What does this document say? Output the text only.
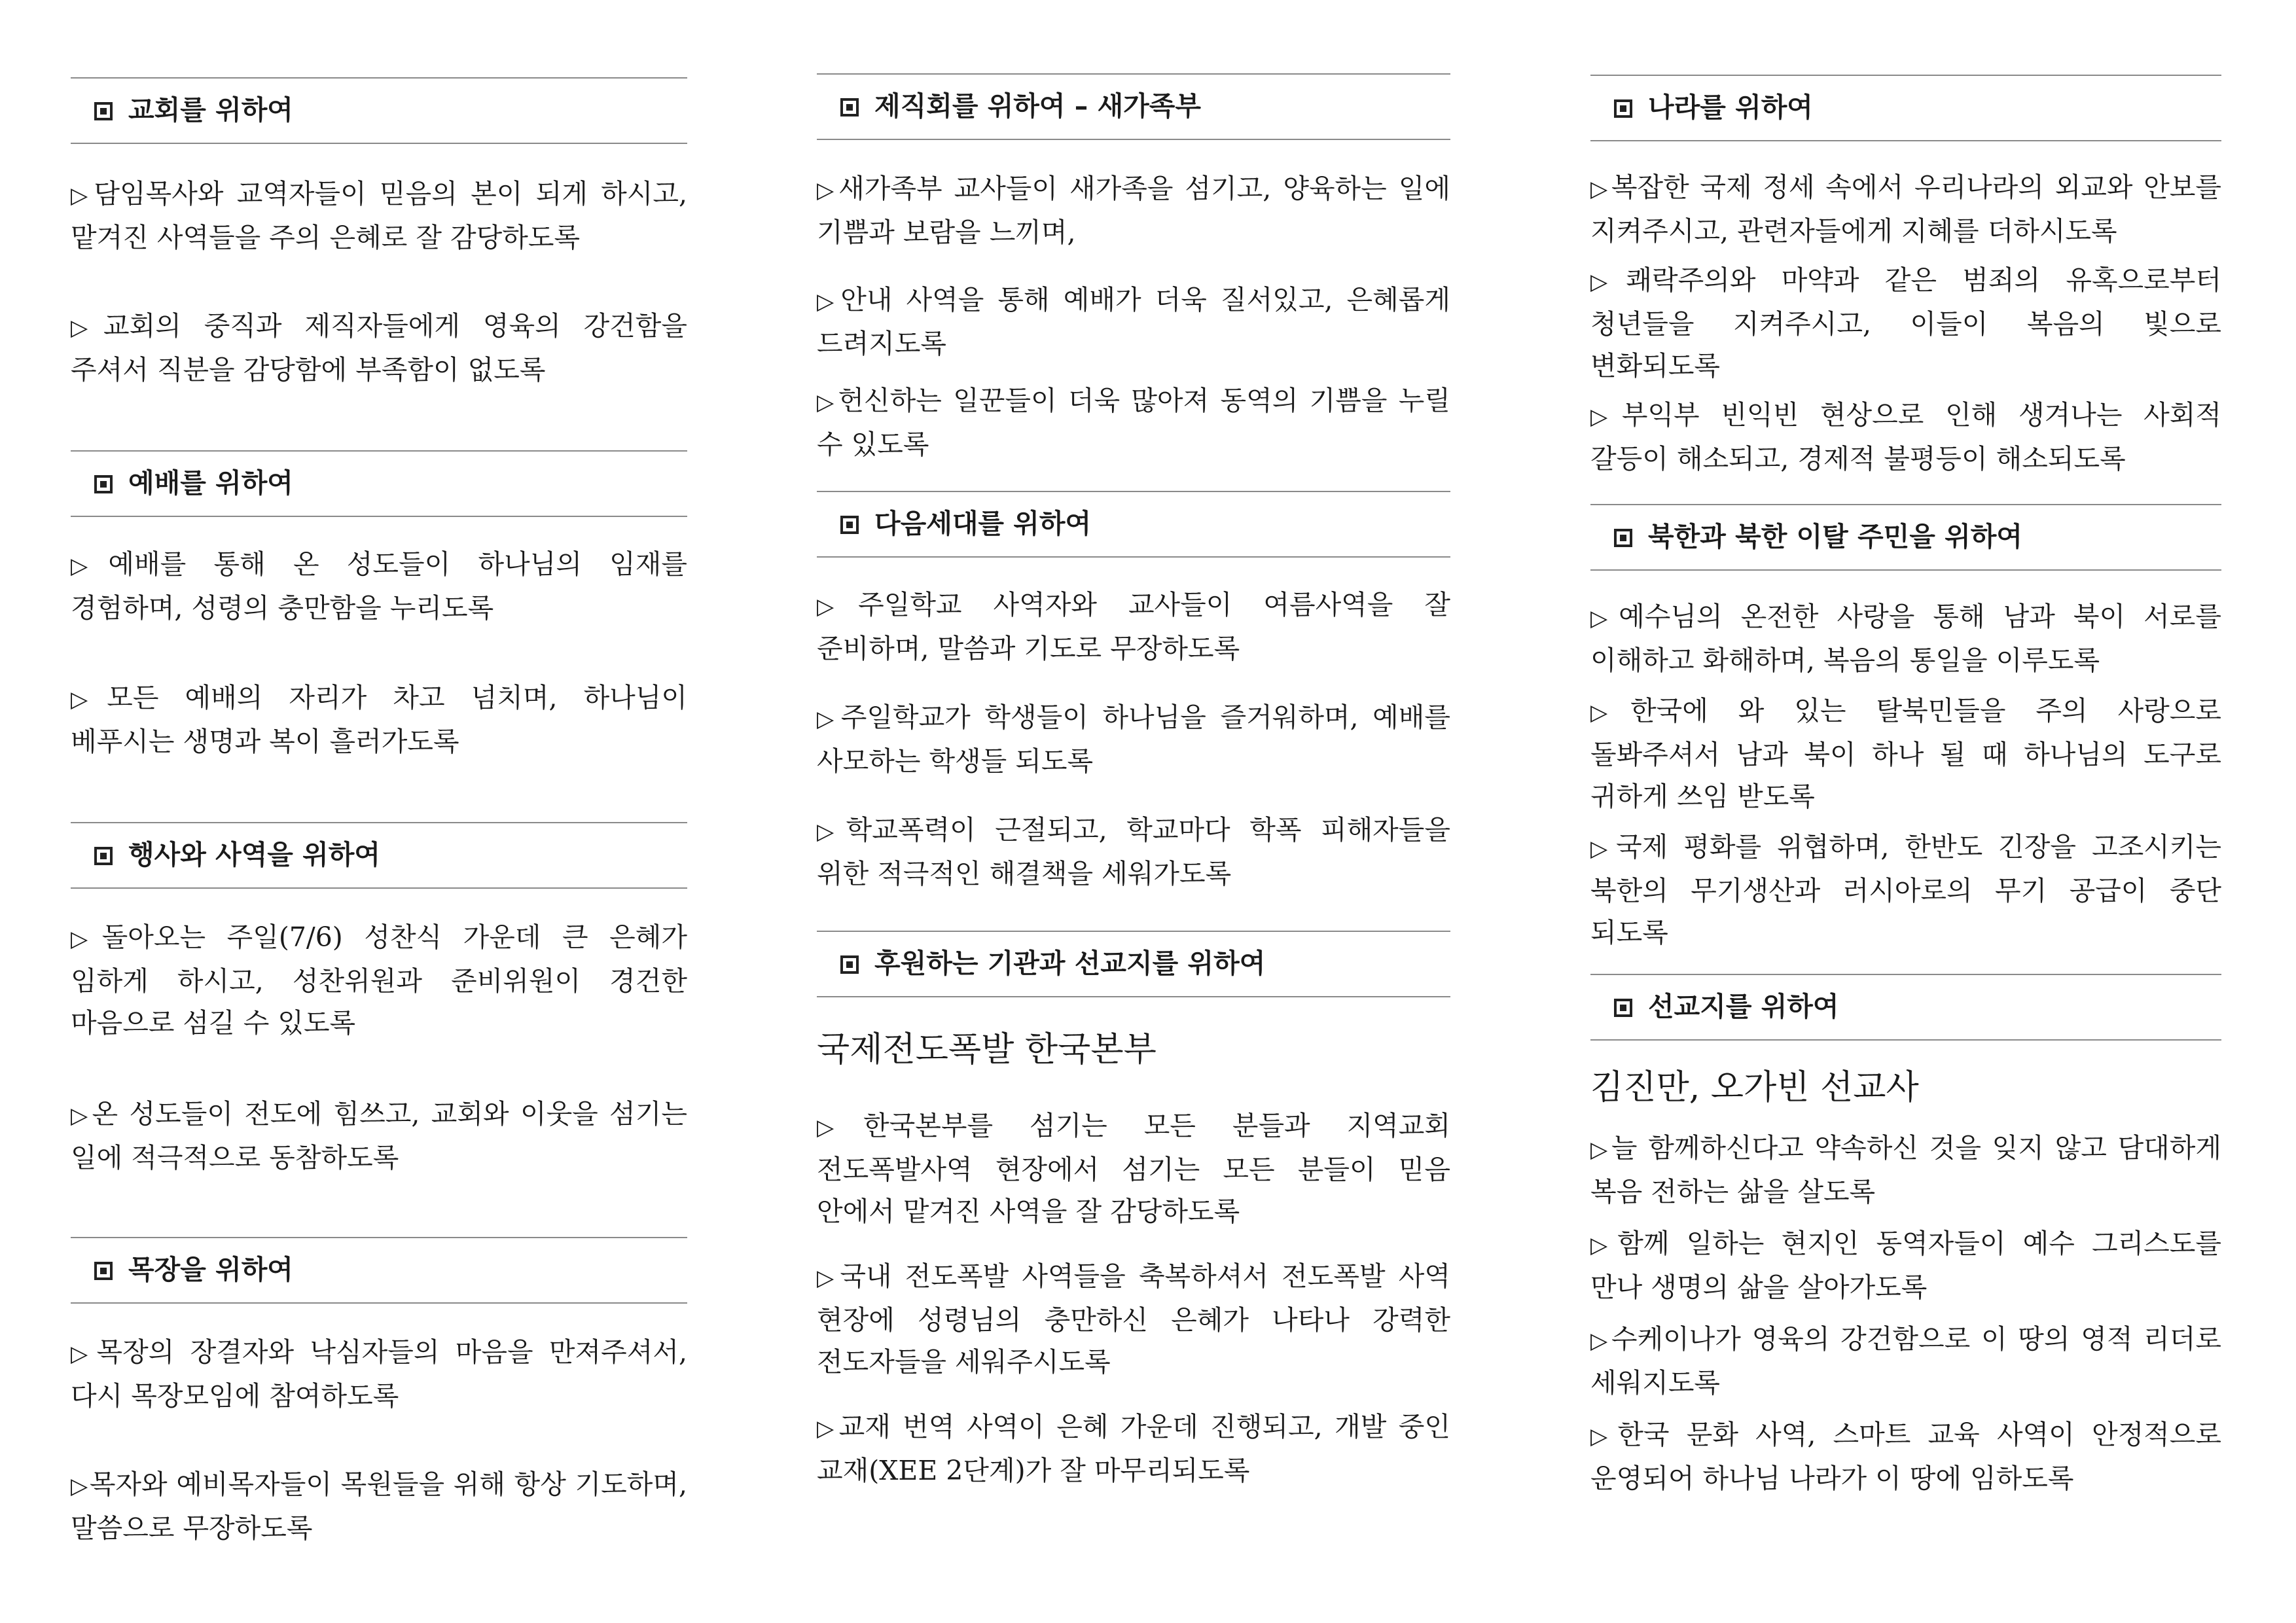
교회를 위하여
▷담임목사와 교역자들이 믿음의 본이 되게 하시고, 맡겨진 사역들을 주의 은혜로 잘 감당하도록
▷교회의 중직과 제직자들에게 영육의 강건함을 주셔서 직분을 감당함에 부족함이 없도록
예배를 위하여
▷예배를 통해 온 성도들이 하나님의 임재를 경험하며, 성령의 충만함을 누리도록
▷모든 예배의 자리가 차고 넘치며, 하나님이 베푸시는 생명과 복이 흘러가도록
행사와 사역을 위하여
▷돌아오는 주일(7/6) 성찬식 가운데 큰 은혜가 임하게 하시고, 성찬위원과 준비위원이 경건한 마음으로 섬길 수 있도록
▷온 성도들이 전도에 힘쓰고, 교회와 이웃을 섬기는 일에 적극적으로 동참하도록
목장을 위하여
▷목장의 장결자와 낙심자들의 마음을 만져주셔서, 다시 목장모임에 참여하도록
▷목자와 예비목자들이 목원들을 위해 항상 기도하며, 말씀으로 무장하도록
제직회를 위하여 – 새가족부
▷새가족부 교사들이 새가족을 섬기고, 양육하는 일에 기쁨과 보람을 느끼며,
▷안내 사역을 통해 예배가 더욱 질서있고, 은혜롭게 드려지도록
▷헌신하는 일꾼들이 더욱 많아져 동역의 기쁨을 누릴 수 있도록
다음세대를 위하여
▷주일학교 사역자와 교사들이 여름사역을 잘 준비하며, 말씀과 기도로 무장하도록
▷주일학교가 학생들이 하나님을 즐거워하며, 예배를 사모하는 학생들 되도록
▷학교폭력이 근절되고, 학교마다 학폭 피해자들을 위한 적극적인 해결책을 세워가도록
후원하는 기관과 선교지를 위하여
국제전도폭발 한국본부
▷한국본부를 섬기는 모든 분들과 지역교회 전도폭발사역 현장에서 섬기는 모든 분들이 믿음 안에서 맡겨진 사역을 잘 감당하도록
▷국내 전도폭발 사역들을 축복하셔서 전도폭발 사역 현장에 성령님의 충만하신 은혜가 나타나 강력한 전도자들을 세워주시도록
▷교재 번역 사역이 은혜 가운데 진행되고, 개발 중인 교재(XEE 2단계)가 잘 마무리되도록
나라를 위하여
▷복잡한 국제 정세 속에서 우리나라의 외교와 안보를 지켜주시고, 관련자들에게 지혜를 더하시도록
▷쾌락주의와 마약과 같은 범죄의 유혹으로부터 청년들을 지켜주시고, 이들이 복음의 빛으로 변화되도록
▷부익부 빈익빈 현상으로 인해 생겨나는 사회적 갈등이 해소되고, 경제적 불평등이 해소되도록
북한과 북한 이탈 주민을 위하여
▷예수님의 온전한 사랑을 통해 남과 북이 서로를 이해하고 화해하며, 복음의 통일을 이루도록
▷한국에 와 있는 탈북민들을 주의 사랑으로 돌봐주셔서 남과 북이 하나 될 때 하나님의 도구로 귀하게 쓰임 받도록
▷국제 평화를 위협하며, 한반도 긴장을 고조시키는 북한의 무기생산과 러시아로의 무기 공급이 중단 되도록
선교지를 위하여
김진만, 오가빈 선교사
▷늘 함께하신다고 약속하신 것을 잊지 않고 담대하게 복음 전하는 삶을 살도록
▷함께 일하는 현지인 동역자들이 예수 그리스도를 만나 생명의 삶을 살아가도록
▷수케이나가 영육의 강건함으로 이 땅의 영적 리더로 세워지도록
▷한국 문화 사역, 스마트 교육 사역이 안정적으로 운영되어 하나님 나라가 이 땅에 임하도록
